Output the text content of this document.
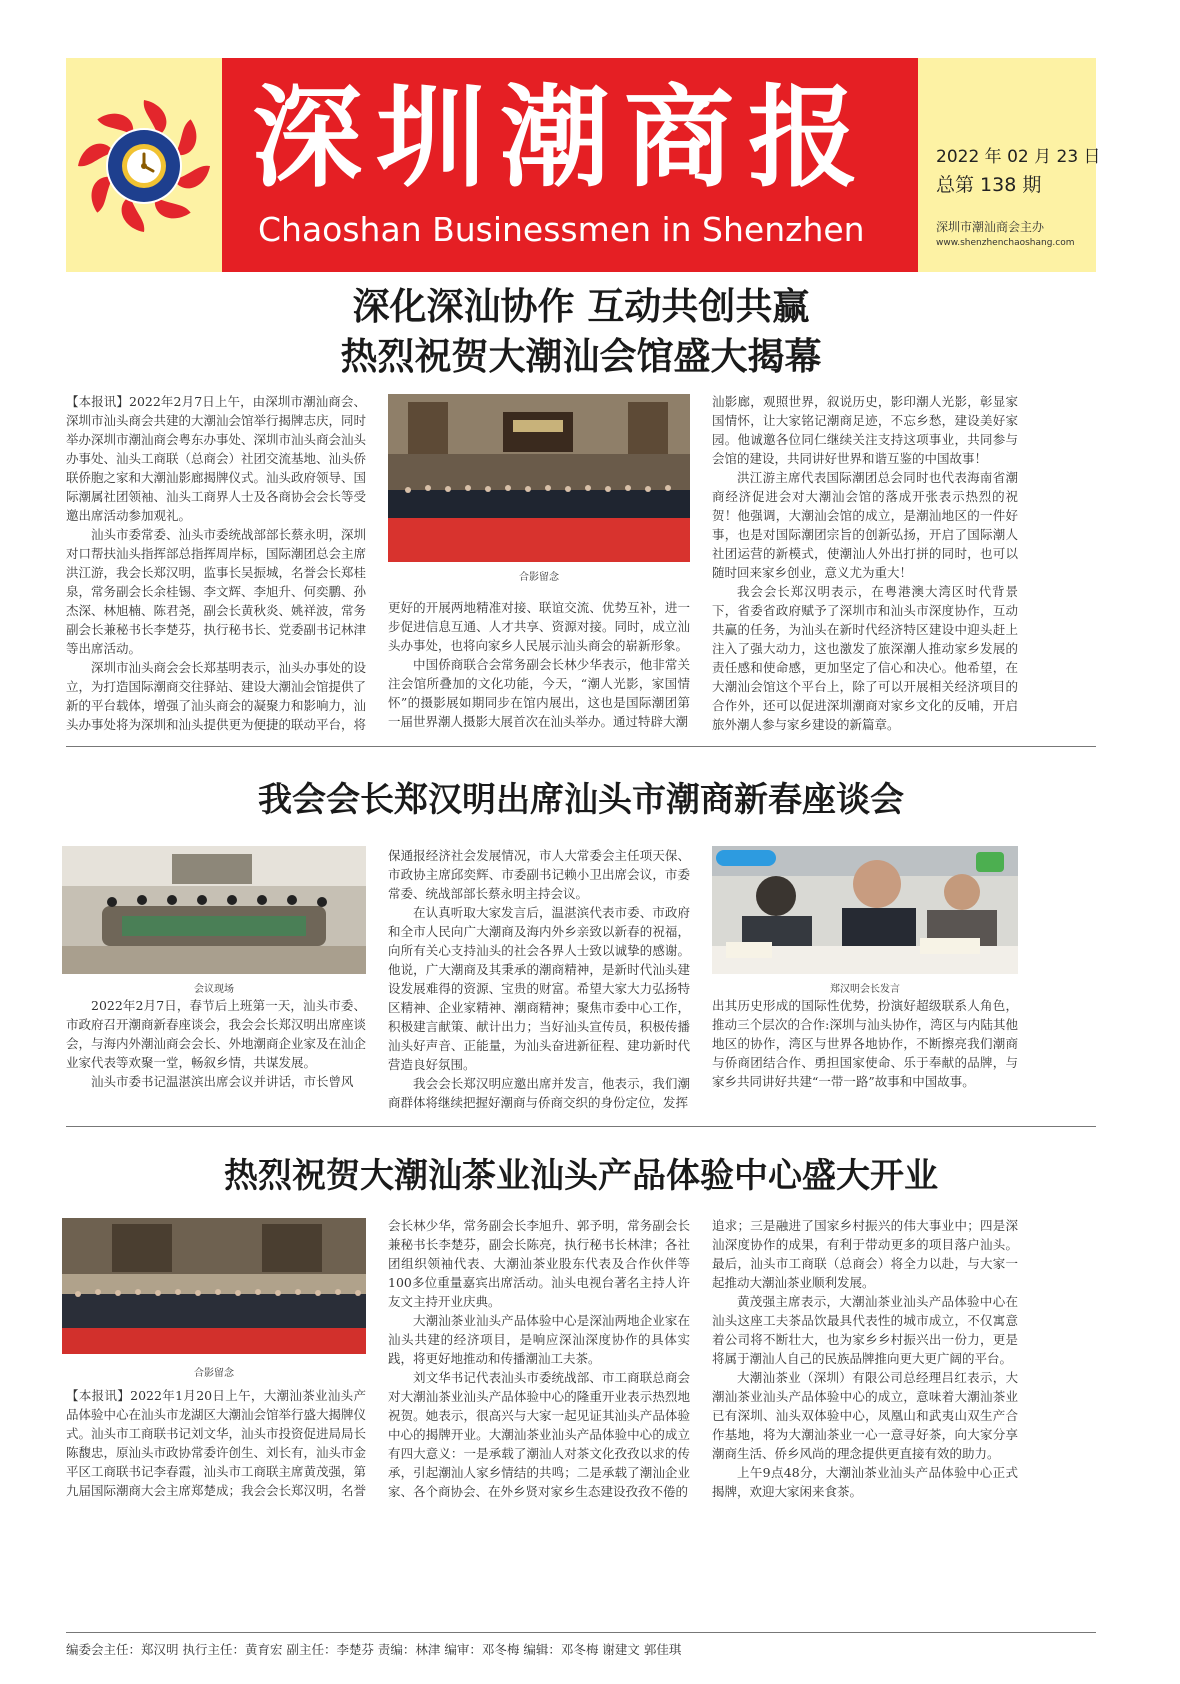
深圳潮商报
Chaoshan Businessmen in Shenzhen
2022 年 02 月 23 日
总第 138 期
深圳市潮汕商会主办
www.shenzhenchaoshang.com
深化深汕协作 互动共创共赢
热烈祝贺大潮汕会馆盛大揭幕

【本报讯】2022年2月7日上午，由深圳市潮汕商会、深圳市汕头商会共建的大潮汕会馆举行揭牌志庆，同时举办深圳市潮汕商会粤东办事处、深圳市汕头商会汕头办事处、汕头工商联（总商会）社团交流基地、汕头侨联侨胞之家和大潮汕影廊揭牌仪式。汕头政府领导、国际潮属社团领袖、汕头工商界人士及各商协会会长等受邀出席活动参加观礼。

汕头市委常委、汕头市委统战部部长蔡永明，深圳对口帮扶汕头指挥部总指挥周岸标，国际潮团总会主席洪江游，我会长郑汉明，监事长吴振城，名誉会长郑桂泉，常务副会长余桂锡、李文辉、李旭升、何奕鹏、孙杰深、林旭楠、陈君尧，副会长黄秋炎、姚祥波，常务副会长兼秘书长李楚芬，执行秘书长、党委副书记林津等出席活动。

深圳市汕头商会会长郑基明表示，汕头办事处的设立，为打造国际潮商交往驿站、建设大潮汕会馆提供了新的平台载体，增强了汕头商会的凝聚力和影响力，汕头办事处将为深圳和汕头提供更为便捷的联动平台，将

合影留念

更好的开展两地精准对接、联谊交流、优势互补，进一步促进信息互通、人才共享、资源对接。同时，成立汕头办事处，也将向家乡人民展示汕头商会的崭新形象。

中国侨商联合会常务副会长林少华表示，他非常关注会馆所叠加的文化功能，今天，“潮人光影，家国情怀”的摄影展如期同步在馆内展出，这也是国际潮团第一届世界潮人摄影大展首次在汕头举办。通过特辟大潮

汕影廊，观照世界，叙说历史，影印潮人光影，彰显家国情怀，让大家铭记潮商足迹，不忘乡愁，建设美好家园。他诚邀各位同仁继续关注支持这项事业，共同参与会馆的建设，共同讲好世界和谐互鉴的中国故事！

洪江游主席代表国际潮团总会同时也代表海南省潮商经济促进会对大潮汕会馆的落成开张表示热烈的祝贺！他强调，大潮汕会馆的成立，是潮汕地区的一件好事，也是对国际潮团宗旨的创新弘扬，开启了国际潮人社团运营的新模式，使潮汕人外出打拼的同时，也可以随时回来家乡创业，意义尤为重大！

我会会长郑汉明表示，在粤港澳大湾区时代背景下，省委省政府赋予了深圳市和汕头市深度协作，互动共赢的任务，为汕头在新时代经济特区建设中迎头赶上注入了强大动力，这也激发了旅深潮人推动家乡发展的责任感和使命感，更加坚定了信心和决心。他希望，在大潮汕会馆这个平台上，除了可以开展相关经济项目的合作外，还可以促进深圳潮商对家乡文化的反哺，开启旅外潮人参与家乡建设的新篇章。

我会会长郑汉明出席汕头市潮商新春座谈会
会议现场

2022年2月7日，春节后上班第一天，汕头市委、市政府召开潮商新春座谈会，我会会长郑汉明出席座谈会，与海内外潮汕商会会长、外地潮商企业家及在汕企业家代表等欢聚一堂，畅叙乡情，共谋发展。

汕头市委书记温湛滨出席会议并讲话，市长曾风

保通报经济社会发展情况，市人大常委会主任项天保、市政协主席邱奕辉、市委副书记赖小卫出席会议，市委常委、统战部部长蔡永明主持会议。

在认真听取大家发言后，温湛滨代表市委、市政府和全市人民向广大潮商及海内外乡亲致以新春的祝福，向所有关心支持汕头的社会各界人士致以诚挚的感谢。他说，广大潮商及其秉承的潮商精神，是新时代汕头建设发展难得的资源、宝贵的财富。希望大家大力弘扬特区精神、企业家精神、潮商精神；聚焦市委中心工作，积极建言献策、献计出力；当好汕头宣传员，积极传播汕头好声音、正能量，为汕头奋进新征程、建功新时代营造良好氛围。

我会会长郑汉明应邀出席并发言，他表示，我们潮商群体将继续把握好潮商与侨商交织的身份定位，发挥

郑汉明会长发言

出其历史形成的国际性优势，扮演好超级联系人角色，推动三个层次的合作:深圳与汕头协作，湾区与内陆其他地区的协作，湾区与世界各地协作，不断擦亮我们潮商与侨商团结合作、勇担国家使命、乐于奉献的品牌，与家乡共同讲好共建“一带一路”故事和中国故事。

热烈祝贺大潮汕茶业汕头产品体验中心盛大开业
合影留念

【本报讯】2022年1月20日上午，大潮汕茶业汕头产品体验中心在汕头市龙湖区大潮汕会馆举行盛大揭牌仪式。汕头市工商联书记刘文华，汕头市投资促进局局长陈馥忠，原汕头市政协常委许创生、刘长有，汕头市金平区工商联书记李春霞，汕头市工商联主席黄茂强，第九届国际潮商大会主席郑楚成；我会会长郑汉明，名誉

会长林少华，常务副会长李旭升、郭予明，常务副会长兼秘书长李楚芬，副会长陈亮，执行秘书长林津；各社团组织领袖代表、大潮汕茶业股东代表及合作伙伴等100多位重量嘉宾出席活动。汕头电视台著名主持人许友文主持开业庆典。

大潮汕茶业汕头产品体验中心是深汕两地企业家在汕头共建的经济项目，是响应深汕深度协作的具体实践，将更好地推动和传播潮汕工夫茶。

刘文华书记代表汕头市委统战部、市工商联总商会对大潮汕茶业汕头产品体验中心的隆重开业表示热烈地祝贺。她表示，很高兴与大家一起见证其汕头产品体验中心的揭牌开业。大潮汕茶业汕头产品体验中心的成立有四大意义：一是承载了潮汕人对茶文化孜孜以求的传承，引起潮汕人家乡情结的共鸣；二是承载了潮汕企业家、各个商协会、在外乡贤对家乡生态建设孜孜不倦的

追求；三是融进了国家乡村振兴的伟大事业中；四是深汕深度协作的成果，有利于带动更多的项目落户汕头。最后，汕头市工商联（总商会）将全力以赴，与大家一起推动大潮汕茶业顺利发展。

黄茂强主席表示，大潮汕茶业汕头产品体验中心在汕头这座工夫茶品饮最具代表性的城市成立，不仅寓意着公司将不断壮大，也为家乡乡村振兴出一份力，更是将属于潮汕人自己的民族品牌推向更大更广阔的平台。

大潮汕茶业（深圳）有限公司总经理吕红表示，大潮汕茶业汕头产品体验中心的成立，意味着大潮汕茶业已有深圳、汕头双体验中心，凤凰山和武夷山双生产合作基地，将为大潮汕茶业一心一意寻好茶，向大家分享潮商生活、侨乡风尚的理念提供更直接有效的助力。

上午9点48分，大潮汕茶业汕头产品体验中心正式揭牌，欢迎大家闲来食茶。

编委会主任：郑汉明 执行主任：黄育宏 副主任：李楚芬 责编：林津 编审：邓冬梅 编辑：邓冬梅 谢建文 郭佳琪
